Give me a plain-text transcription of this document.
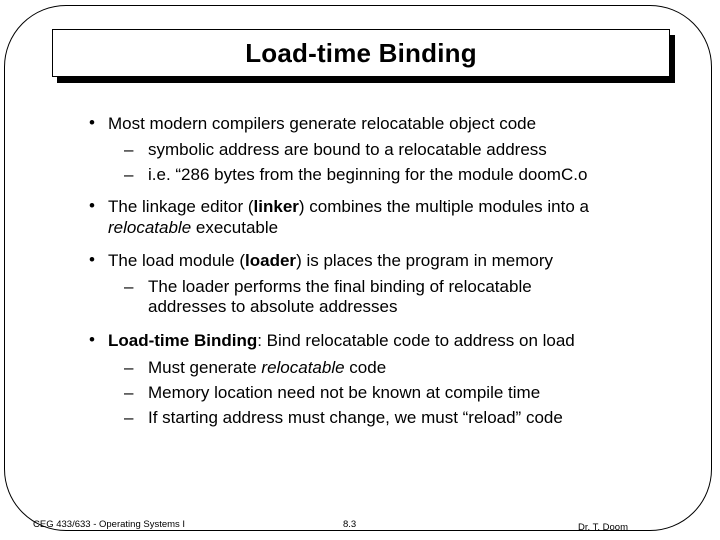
Load-time Binding
• Most modern compilers generate relocatable object code
– symbolic address are bound to a relocatable address
– i.e. “286 bytes from the beginning for the module doomC.o
• The linkage editor (linker) combines the multiple modules into a
relocatable executable
• The load module (loader) is places the program in memory
– The loader performs the final binding of relocatable
addresses to absolute addresses
• Load-time Binding: Bind relocatable code to address on load
– Must generate relocatable code
– Memory location need not be known at compile time
– If starting address must change, we must “reload” code
CEG 433/633 - Operating Systems I	8.3	Dr. T. Doom
